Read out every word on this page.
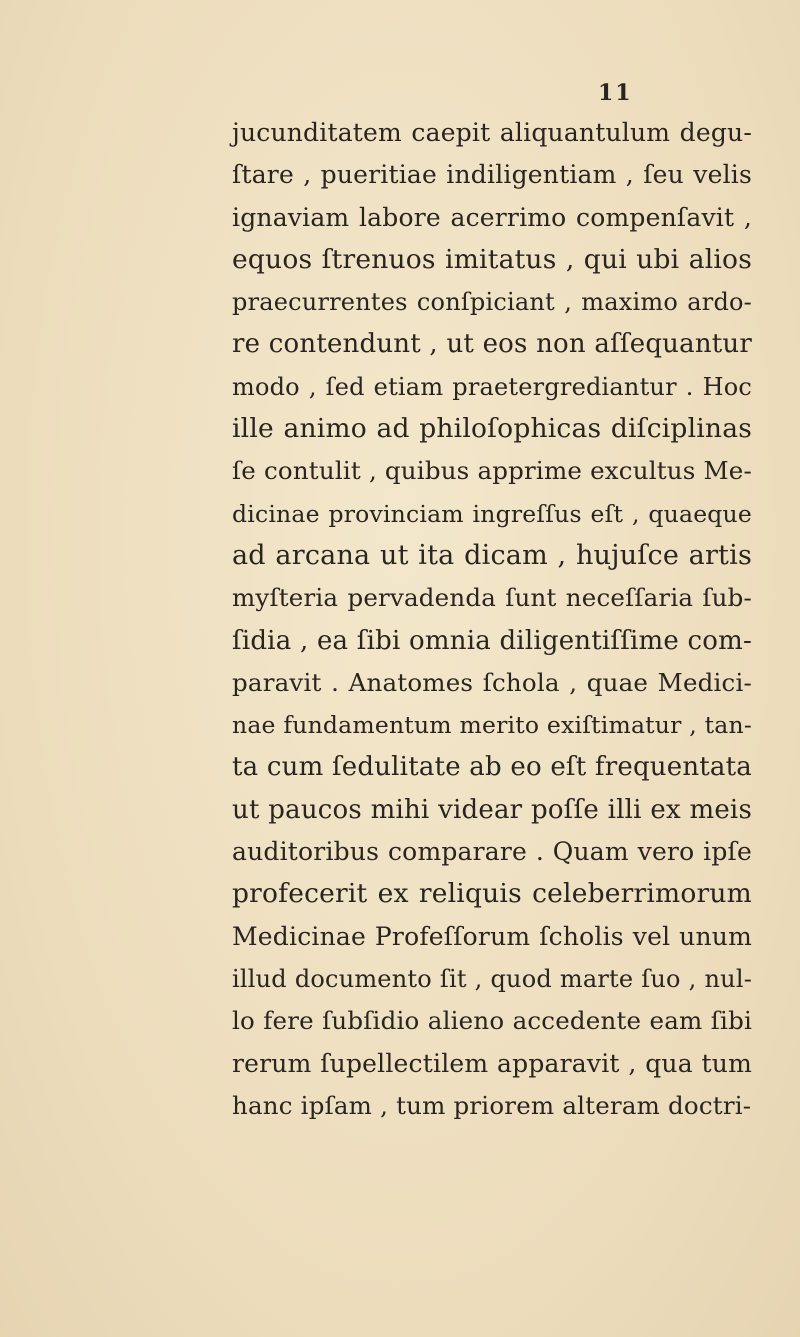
11
jucunditatem caepit aliquantulum degu-
ſtare , pueritiae indiligentiam , ſeu velis
ignaviam labore acerrimo compenſavit ,
equos ſtrenuos imitatus , qui ubi alios
praecurrentes conſpiciant , maximo ardo-
re contendunt , ut eos non aſſequantur
modo , ſed etiam praetergrediantur . Hoc
ille animo ad philoſophicas diſciplinas
ſe contulit , quibus apprime excultus Me-
dicinae provinciam ingreſſus eſt , quaeque
ad arcana ut ita dicam , hujuſce artis
myſteria pervadenda ſunt neceſſaria ſub-
ſidia , ea ſibi omnia diligentiſſime com-
paravit . Anatomes ſchola , quae Medici-
nae fundamentum merito exiſtimatur , tan-
ta cum ſedulitate ab eo eſt frequentata
ut paucos mihi videar poſſe illi ex meis
auditoribus comparare . Quam vero ipſe
profecerit ex reliquis celeberrimorum
Medicinae Profeſſorum ſcholis vel unum
illud documento ſit , quod marte ſuo , nul-
lo fere ſubſidio alieno accedente eam ſibi
rerum ſupellectilem apparavit , qua tum
hanc ipſam , tum priorem alteram doctri-
